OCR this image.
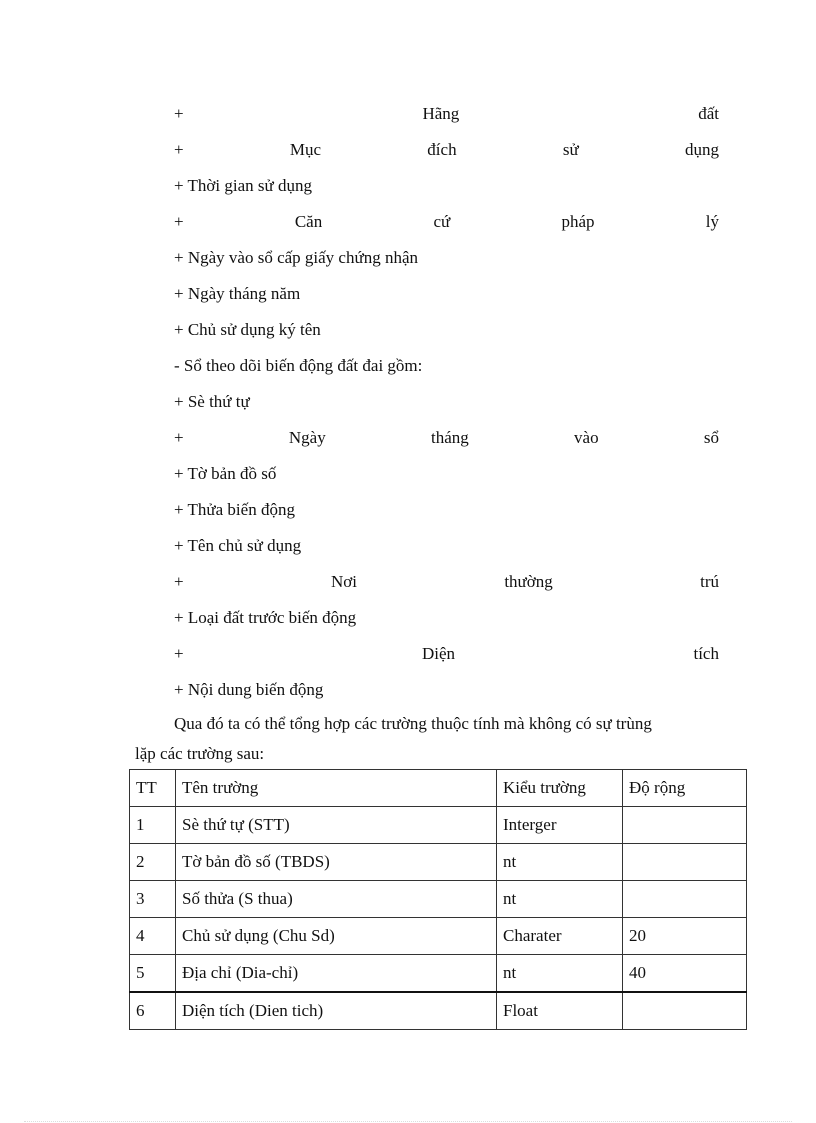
+	Hãng	đất
+	Mục	đích	sử	dụng
+ Thời gian sử dụng
+	Căn	cứ	pháp	lý
+ Ngày vào sổ cấp giấy chứng nhận
+ Ngày tháng năm
+ Chủ sử dụng ký tên
- Sổ theo dõi biến động đất đai gồm:
+ Sè thứ tự
+	Ngày	tháng	vào	sổ
+ Tờ bản đồ số
+ Thửa biến động
+ Tên chủ sử dụng
+	Nơi	thường	trú
+ Loại đất trước biến động
+	Diện	tích
+ Nội dung biến động
Qua đó ta có thể tổng hợp các trường thuộc tính mà không có sự trùng
lặp các trường sau:
TT	Tên trường	Kiểu trường	Độ rộng
1	Sè thứ tự (STT)	Interger	
2	Tờ bản đồ số (TBDS)	nt	
3	Số thửa (S thua)	nt	
4	Chủ sử dụng (Chu Sd)	Charater	20
5	Địa chỉ (Dia-chỉ)	nt	40
6	Diện tích (Dien tich)	Float	
